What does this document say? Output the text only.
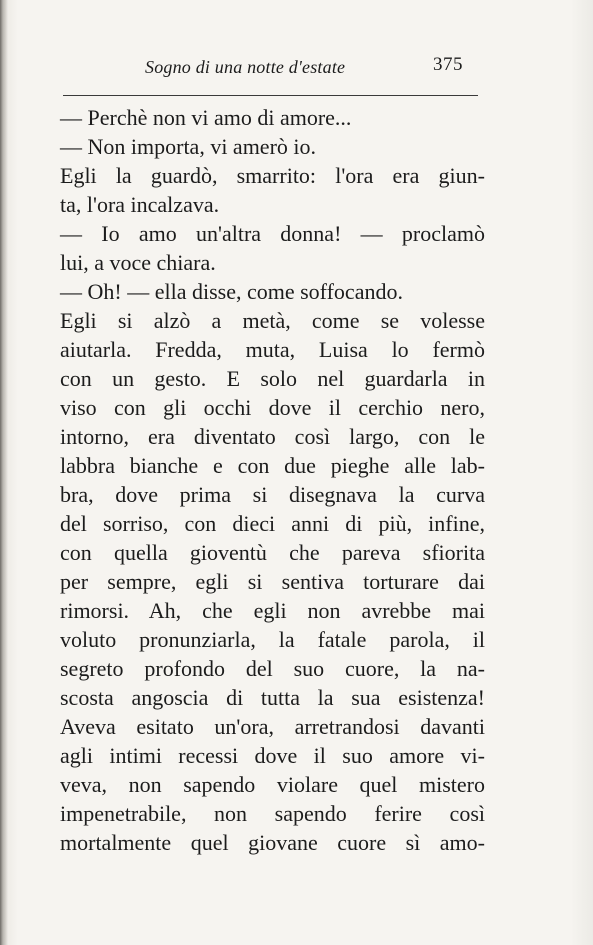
Sogno di una notte d'estate	375
— Perchè non vi amo di amore...
— Non importa, vi amerò io.
Egli la guardò, smarrito: l'ora era giun-
ta, l'ora incalzava.
— Io amo un'altra donna! — proclamò
lui, a voce chiara.
— Oh! — ella disse, come soffocando.
Egli si alzò a metà, come se volesse
aiutarla. Fredda, muta, Luisa lo fermò
con un gesto. E solo nel guardarla in
viso con gli occhi dove il cerchio nero,
intorno, era diventato così largo, con le
labbra bianche e con due pieghe alle lab-
bra, dove prima si disegnava la curva
del sorriso, con dieci anni di più, infine,
con quella gioventù che pareva sfiorita
per sempre, egli si sentiva torturare dai
rimorsi. Ah, che egli non avrebbe mai
voluto pronunziarla, la fatale parola, il
segreto profondo del suo cuore, la na-
scosta angoscia di tutta la sua esistenza!
Aveva esitato un'ora, arretrandosi davanti
agli intimi recessi dove il suo amore vi-
veva, non sapendo violare quel mistero
impenetrabile, non sapendo ferire così
mortalmente quel giovane cuore sì amo-
